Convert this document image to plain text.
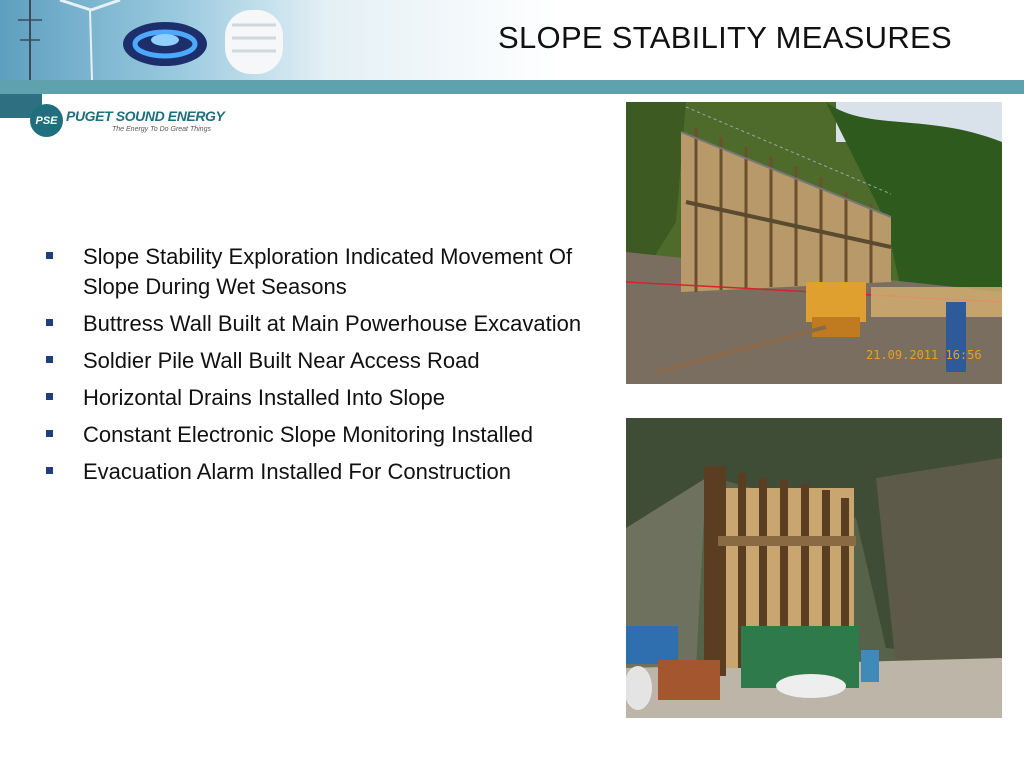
SLOPE STABILITY MEASURES
PSE PUGET SOUND ENERGY
The Energy To Do Great Things
Slope Stability Exploration Indicated Movement Of Slope During Wet Seasons
Buttress Wall Built at Main Powerhouse Excavation
Soldier Pile Wall Built Near Access Road
Horizontal Drains Installed Into Slope
Constant Electronic Slope Monitoring Installed
Evacuation Alarm Installed For Construction
21.09.2011 16:56
